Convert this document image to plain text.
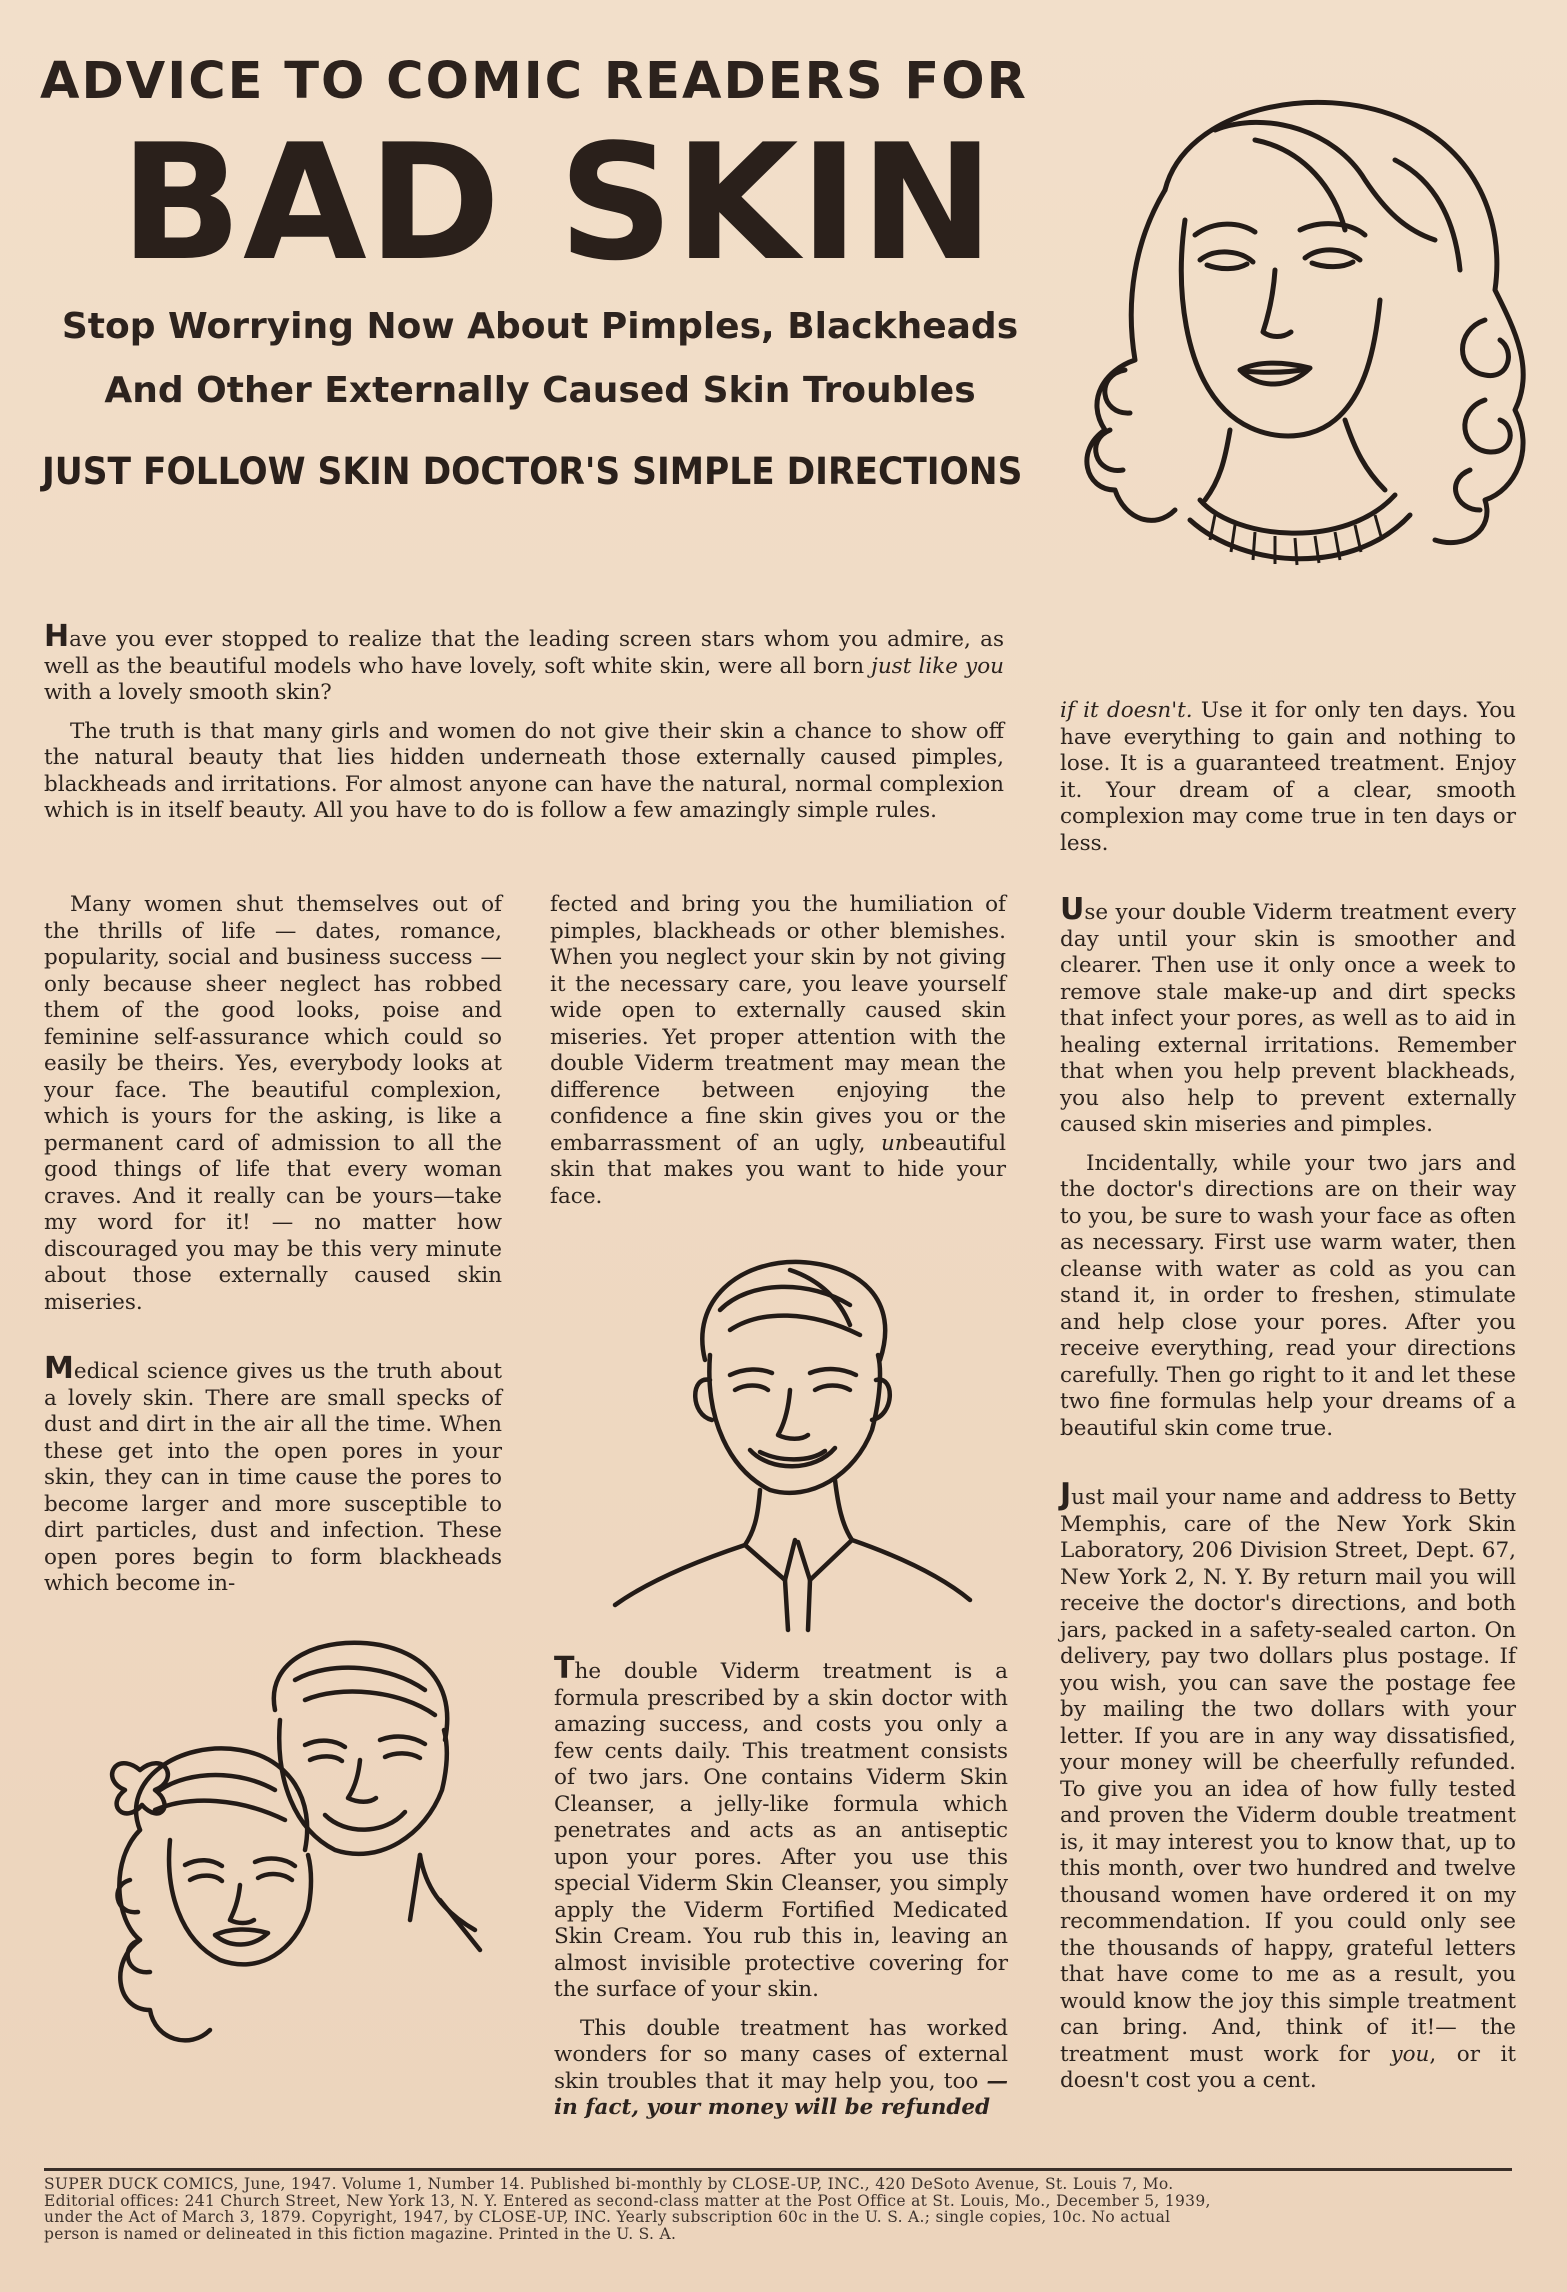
ADVICE TO COMIC READERS FOR
BAD SKIN
Stop Worrying Now About Pimples, Blackheads
And Other Externally Caused Skin Troubles
JUST FOLLOW SKIN DOCTOR'S SIMPLE DIRECTIONS

Have you ever stopped to realize that the leading screen stars whom you admire, as well as the beautiful models who have lovely, soft white skin, were all born just like you with a lovely smooth skin?

The truth is that many girls and women do not give their skin a chance to show off the natural beauty that lies hidden underneath those externally caused pimples, blackheads and irritations. For almost anyone can have the natural, normal complexion which is in itself beauty. All you have to do is follow a few amazingly simple rules.

Many women shut themselves out of the thrills of life — dates, romance, popularity, social and business success — only because sheer neglect has robbed them of the good looks, poise and feminine self-assurance which could so easily be theirs. Yes, everybody looks at your face. The beautiful complexion, which is yours for the asking, is like a permanent card of admission to all the good things of life that every woman craves. And it really can be yours—take my word for it! — no matter how discouraged you may be this very minute about those externally caused skin miseries.

Medical science gives us the truth about a lovely skin. There are small specks of dust and dirt in the air all the time. When these get into the open pores in your skin, they can in time cause the pores to become larger and more susceptible to dirt particles, dust and infection. These open pores begin to form blackheads which become in-

fected and bring you the humiliation of pimples, blackheads or other blemishes. When you neglect your skin by not giving it the necessary care, you leave yourself wide open to externally caused skin miseries. Yet proper attention with the double Viderm treatment may mean the difference between enjoying the confidence a fine skin gives you or the embarrassment of an ugly, unbeautiful skin that makes you want to hide your face.

The double Viderm treatment is a formula prescribed by a skin doctor with amazing success, and costs you only a few cents daily. This treatment consists of two jars. One contains Viderm Skin Cleanser, a jelly-like formula which penetrates and acts as an antiseptic upon your pores. After you use this special Viderm Skin Cleanser, you simply apply the Viderm Fortified Medicated Skin Cream. You rub this in, leaving an almost invisible protective covering for the surface of your skin.

This double treatment has worked wonders for so many cases of external skin troubles that it may help you, too —in fact, your money will be refunded

if it doesn't. Use it for only ten days. You have everything to gain and nothing to lose. It is a guaranteed treatment. Enjoy it. Your dream of a clear, smooth complexion may come true in ten days or less.

Use your double Viderm treatment every day until your skin is smoother and clearer. Then use it only once a week to remove stale make-up and dirt specks that infect your pores, as well as to aid in healing external irritations. Remember that when you help prevent blackheads, you also help to prevent externally caused skin miseries and pimples.

Incidentally, while your two jars and the doctor's directions are on their way to you, be sure to wash your face as often as necessary. First use warm water, then cleanse with water as cold as you can stand it, in order to freshen, stimulate and help close your pores. After you receive everything, read your directions carefully. Then go right to it and let these two fine formulas help your dreams of a beautiful skin come true.

Just mail your name and address to Betty Memphis, care of the New York Skin Laboratory, 206 Division Street, Dept. 67, New York 2, N. Y. By return mail you will receive the doctor's directions, and both jars, packed in a safety-sealed carton. On delivery, pay two dollars plus postage. If you wish, you can save the postage fee by mailing the two dollars with your letter. If you are in any way dissatisfied, your money will be cheerfully refunded. To give you an idea of how fully tested and proven the Viderm double treatment is, it may interest you to know that, up to this month, over two hundred and twelve thousand women have ordered it on my recommendation. If you could only see the thousands of happy, grateful letters that have come to me as a result, you would know the joy this simple treatment can bring. And, think of it!— the treatment must work for you, or it doesn't cost you a cent.

SUPER DUCK COMICS, June, 1947. Volume 1, Number 14. Published bi-monthly by CLOSE-UP, INC., 420 DeSoto Avenue, St. Louis 7, Mo.
Editorial offices: 241 Church Street, New York 13, N. Y. Entered as second-class matter at the Post Office at St. Louis, Mo., December 5, 1939,
under the Act of March 3, 1879. Copyright, 1947, by CLOSE-UP, INC. Yearly subscription 60c in the U. S. A.; single copies, 10c. No actual
person is named or delineated in this fiction magazine. Printed in the U. S. A.
